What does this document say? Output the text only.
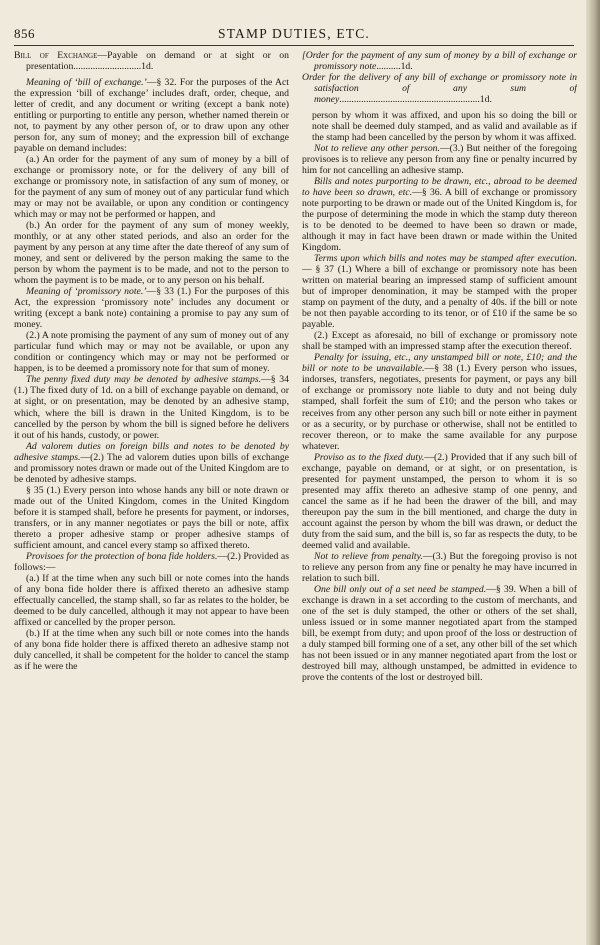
856	STAMP DUTIES, ETC.

Bill of Exchange—Payable on demand or at sight or on presentation............................1d.

Meaning of ‘bill of exchange.’—§ 32. For the purposes of the Act the expression ‘bill of exchange’ includes draft, order, cheque, and letter of credit, and any document or writing (except a bank note) entitling or purporting to entitle any person, whether named therein or not, to payment by any other person of, or to draw upon any other person for, any sum of money; and the expression bill of exchange payable on demand includes:

(a.) An order for the payment of any sum of money by a bill of exchange or promissory note, or for the delivery of any bill of exchange or promissory note, in satisfaction of any sum of money, or for the payment of any sum of money out of any particular fund which may or may not be available, or upon any condition or contingency which may or may not be performed or happen, and

(b.) An order for the payment of any sum of money weekly, monthly, or at any other stated periods, and also an order for the payment by any person at any time after the date thereof of any sum of money, and sent or delivered by the person making the same to the person by whom the payment is to be made, and not to the person to whom the payment is to be made, or to any person on his behalf.

Meaning of ‘promissory note.’—§ 33 (1.) For the purposes of this Act, the expression ‘promissory note’ includes any document or writing (except a bank note) containing a promise to pay any sum of money.

(2.) A note promising the payment of any sum of money out of any particular fund which may or may not be available, or upon any condition or contingency which may or may not be performed or happen, is to be deemed a promissory note for that sum of money.

The penny fixed duty may be denoted by adhesive stamps.—§ 34 (1.) The fixed duty of 1d. on a bill of exchange payable on demand, or at sight, or on presentation, may be denoted by an adhesive stamp, which, where the bill is drawn in the United Kingdom, is to be cancelled by the person by whom the bill is signed before he delivers it out of his hands, custody, or power.

Ad valorem duties on foreign bills and notes to be denoted by adhesive stamps.—(2.) The ad valorem duties upon bills of exchange and promissory notes drawn or made out of the United Kingdom are to be denoted by adhesive stamps.

§ 35 (1.) Every person into whose hands any bill or note drawn or made out of the United Kingdom, comes in the United Kingdom before it is stamped shall, before he presents for payment, or indorses, transfers, or in any manner negotiates or pays the bill or note, affix thereto a proper adhesive stamp or proper adhesive stamps of sufficient amount, and cancel every stamp so affixed thereto.

Provisoes for the protection of bona fide holders.—(2.) Provided as follows:—

(a.) If at the time when any such bill or note comes into the hands of any bona fide holder there is affixed thereto an adhesive stamp effectually cancelled, the stamp shall, so far as relates to the holder, be deemed to be duly cancelled, although it may not appear to have been affixed or cancelled by the proper person.

(b.) If at the time when any such bill or note comes into the hands of any bona fide holder there is affixed thereto an adhesive stamp not duly cancelled, it shall be competent for the holder to cancel the stamp as if he were the

[Order for the payment of any sum of money by a bill of exchange or promissory note..........1d.

Order for the delivery of any bill of exchange or promissory note in satisfaction of any sum of money..........................................................1d.

person by whom it was affixed, and upon his so doing the bill or note shall be deemed duly stamped, and as valid and available as if the stamp had been cancelled by the person by whom it was affixed.

Not to relieve any other person.—(3.) But neither of the foregoing provisoes is to relieve any person from any fine or penalty incurred by him for not cancelling an adhesive stamp.

Bills and notes purporting to be drawn, etc., abroad to be deemed to have been so drawn, etc.—§ 36. A bill of exchange or promissory note purporting to be drawn or made out of the United Kingdom is, for the purpose of determining the mode in which the stamp duty thereon is to be denoted to be deemed to have been so drawn or made, although it may in fact have been drawn or made within the United Kingdom.

Terms upon which bills and notes may be stamped after execution.— § 37 (1.) Where a bill of exchange or promissory note has been written on material bearing an impressed stamp of sufficient amount but of improper denomination, it may be stamped with the proper stamp on payment of the duty, and a penalty of 40s. if the bill or note be not then payable according to its tenor, or of £10 if the same be so payable.

(2.) Except as aforesaid, no bill of exchange or promissory note shall be stamped with an impressed stamp after the execution thereof.

Penalty for issuing, etc., any unstamped bill or note, £10; and the bill or note to be unavailable.—§ 38 (1.) Every person who issues, indorses, transfers, negotiates, presents for payment, or pays any bill of exchange or promissory note liable to duty and not being duly stamped, shall forfeit the sum of £10; and the person who takes or receives from any other person any such bill or note either in payment or as a security, or by purchase or otherwise, shall not be entitled to recover thereon, or to make the same available for any purpose whatever.

Proviso as to the fixed duty.—(2.) Provided that if any such bill of exchange, payable on demand, or at sight, or on presentation, is presented for payment unstamped, the person to whom it is so presented may affix thereto an adhesive stamp of one penny, and cancel the same as if he had been the drawer of the bill, and may thereupon pay the sum in the bill mentioned, and charge the duty in account against the person by whom the bill was drawn, or deduct the duty from the said sum, and the bill is, so far as respects the duty, to be deemed valid and available.

Not to relieve from penalty.—(3.) But the foregoing proviso is not to relieve any person from any fine or penalty he may have incurred in relation to such bill.

One bill only out of a set need be stamped.—§ 39. When a bill of exchange is drawn in a set according to the custom of merchants, and one of the set is duly stamped, the other or others of the set shall, unless issued or in some manner negotiated apart from the stamped bill, be exempt from duty; and upon proof of the loss or destruction of a duly stamped bill forming one of a set, any other bill of the set which has not been issued or in any manner negotiated apart from the lost or destroyed bill may, although unstamped, be admitted in evidence to prove the contents of the lost or destroyed bill.
